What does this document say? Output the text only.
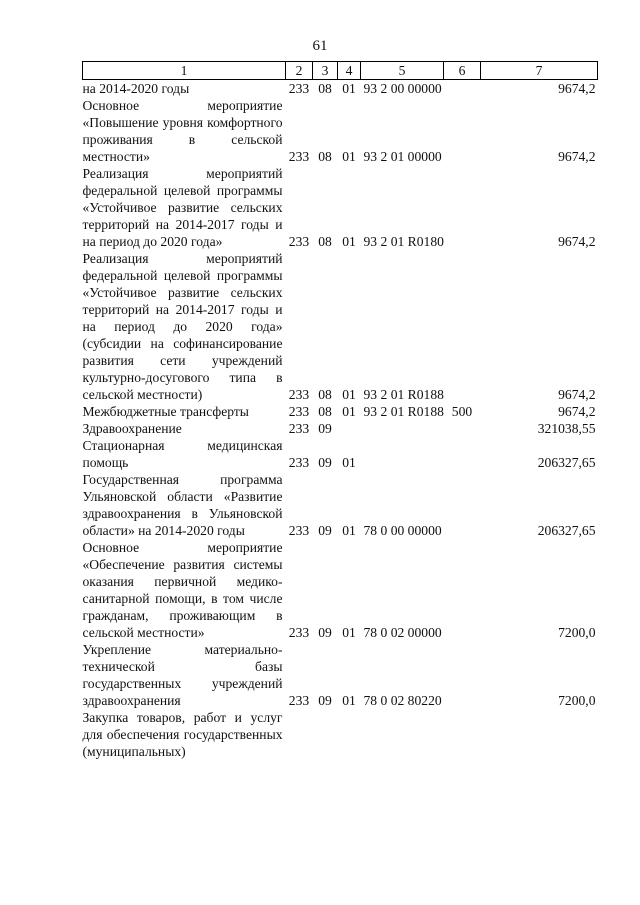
61
1	2	3	4	5	6	7
на 2014-2020 годы	233	08	01	93 2 00 00000		9674,2
Основное мероприятие «Повышение уровня комфортного проживания в сельской местности»	233	08	01	93 2 01 00000		9674,2
Реализация мероприятий федеральной целевой программы «Устойчивое развитие сельских территорий на 2014-2017 годы и на период до 2020 года»	233	08	01	93 2 01 R0180		9674,2
Реализация мероприятий федеральной целевой программы «Устойчивое развитие сельских территорий на 2014-2017 годы и на период до 2020 года» (субсидии на софинансирование развития сети учреждений культурно-досугового типа в сельской местности)	233	08	01	93 2 01 R0188		9674,2
Межбюджетные трансферты	233	08	01	93 2 01 R0188	500	9674,2
Здравоохранение	233	09				321038,55
Стационарная медицинская помощь	233	09	01			206327,65
Государственная программа Ульяновской области «Развитие здравоохранения в Ульяновской области» на 2014-2020 годы	233	09	01	78 0 00 00000		206327,65
Основное мероприятие «Обеспечение развития системы оказания первичной медико-санитарной помощи, в том числе гражданам, проживающим в сельской местности»	233	09	01	78 0 02 00000		7200,0
Укрепление материально-технической базы государственных учреждений здравоохранения	233	09	01	78 0 02 80220		7200,0
Закупка товаров, работ и услуг для обеспечения государственных (муниципальных)						
